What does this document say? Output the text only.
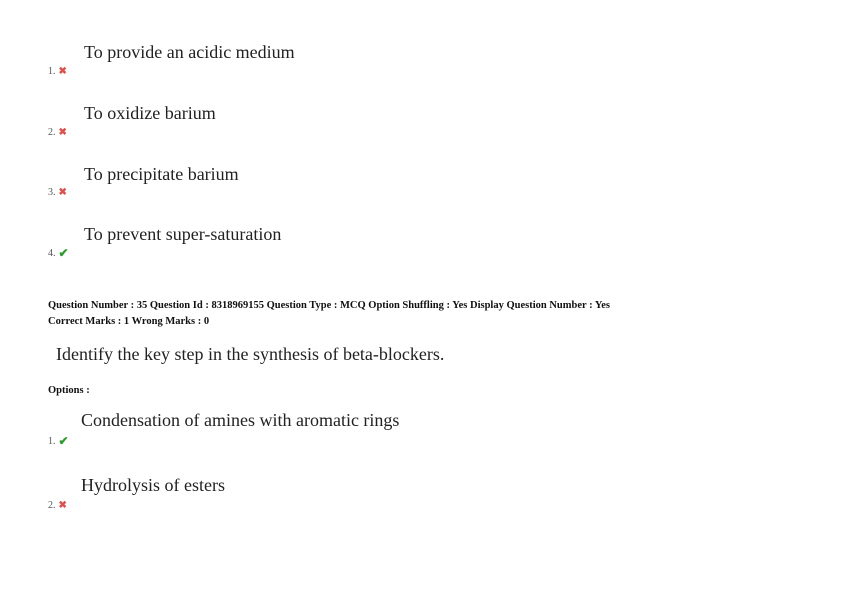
To provide an acidic medium
1. ✖
To oxidize barium
2. ✖
To precipitate barium
3. ✖
To prevent super-saturation
4. ✔
Question Number : 35 Question Id : 8318969155 Question Type : MCQ Option Shuffling : Yes Display Question Number : Yes
Correct Marks : 1 Wrong Marks : 0
Identify the key step in the synthesis of beta-blockers.
Options :
Condensation of amines with aromatic rings
1. ✔
Hydrolysis of esters
2. ✖
